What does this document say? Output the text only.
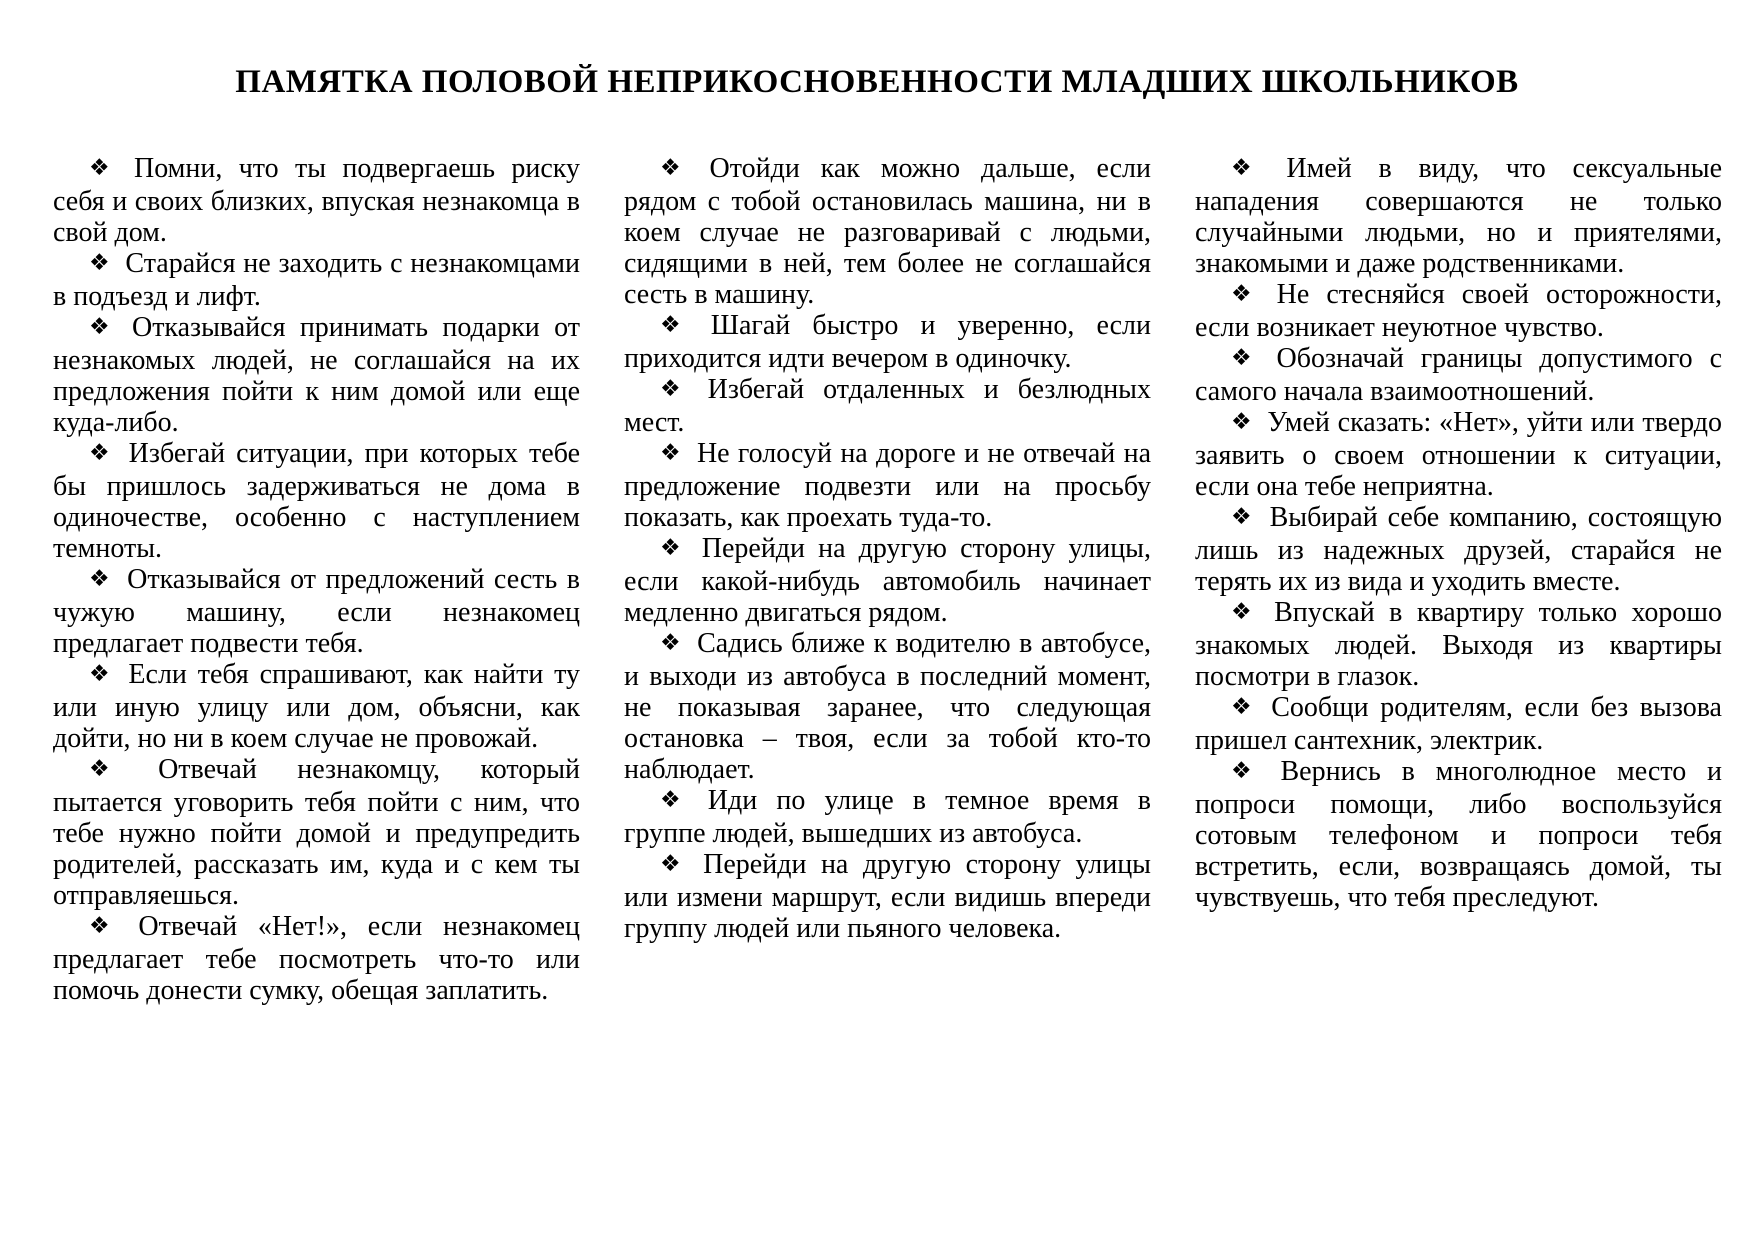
ПАМЯТКА ПОЛОВОЙ НЕПРИКОСНОВЕННОСТИ МЛАДШИХ ШКОЛЬНИКОВ

❖ Помни, что ты подвергаешь риску себя и своих близких, впуская незнакомца в свой дом.

❖ Старайся не заходить с незнакомцами в подъезд и лифт.

❖ Отказывайся принимать подарки от незнакомых людей, не соглашайся на их предложения пойти к ним домой или еще куда-либо.

❖ Избегай ситуации, при которых тебе бы пришлось задерживаться не дома в одиночестве, особенно с наступлением темноты.

❖ Отказывайся от предложений сесть в чужую машину, если незнакомец предлагает подвести тебя.

❖ Если тебя спрашивают, как найти ту или иную улицу или дом, объясни, как дойти, но ни в коем случае не провожай.

❖ Отвечай незнакомцу, который пытается уговорить тебя пойти с ним, что тебе нужно пойти домой и предупредить родителей, рассказать им, куда и с кем ты отправляешься.

❖ Отвечай «Нет!», если незнакомец предлагает тебе посмотреть что-то или помочь донести сумку, обещая заплатить.

❖ Отойди как можно дальше, если рядом с тобой остановилась машина, ни в коем случае не разговаривай с людьми, сидящими в ней, тем более не соглашайся сесть в машину.

❖ Шагай быстро и уверенно, если приходится идти вечером в одиночку.

❖ Избегай отдаленных и безлюдных мест.

❖ Не голосуй на дороге и не отвечай на предложение подвезти или на просьбу показать, как проехать туда-то.

❖ Перейди на другую сторону улицы, если какой-нибудь автомобиль начинает медленно двигаться рядом.

❖ Садись ближе к водителю в автобусе, и выходи из автобуса в последний момент, не показывая заранее, что следующая остановка – твоя, если за тобой кто-то наблюдает.

❖ Иди по улице в темное время в группе людей, вышедших из автобуса.

❖ Перейди на другую сторону улицы или измени маршрут, если видишь впереди группу людей или пьяного человека.

❖ Имей в виду, что сексуальные нападения совершаются не только случайными людьми, но и приятелями, знакомыми и даже родственниками.

❖ Не стесняйся своей осторожности, если возникает неуютное чувство.

❖ Обозначай границы допустимого с самого начала взаимоотношений.

❖ Умей сказать: «Нет», уйти или твердо заявить о своем отношении к ситуации, если она тебе неприятна.

❖ Выбирай себе компанию, состоящую лишь из надежных друзей, старайся не терять их из вида и уходить вместе.

❖ Впускай в квартиру только хорошо знакомых людей. Выходя из квартиры посмотри в глазок.

❖ Сообщи родителям, если без вызова пришел сантехник, электрик.

❖ Вернись в многолюдное место и попроси помощи, либо воспользуйся сотовым телефоном и попроси тебя встретить, если, возвращаясь домой, ты чувствуешь, что тебя преследуют.
